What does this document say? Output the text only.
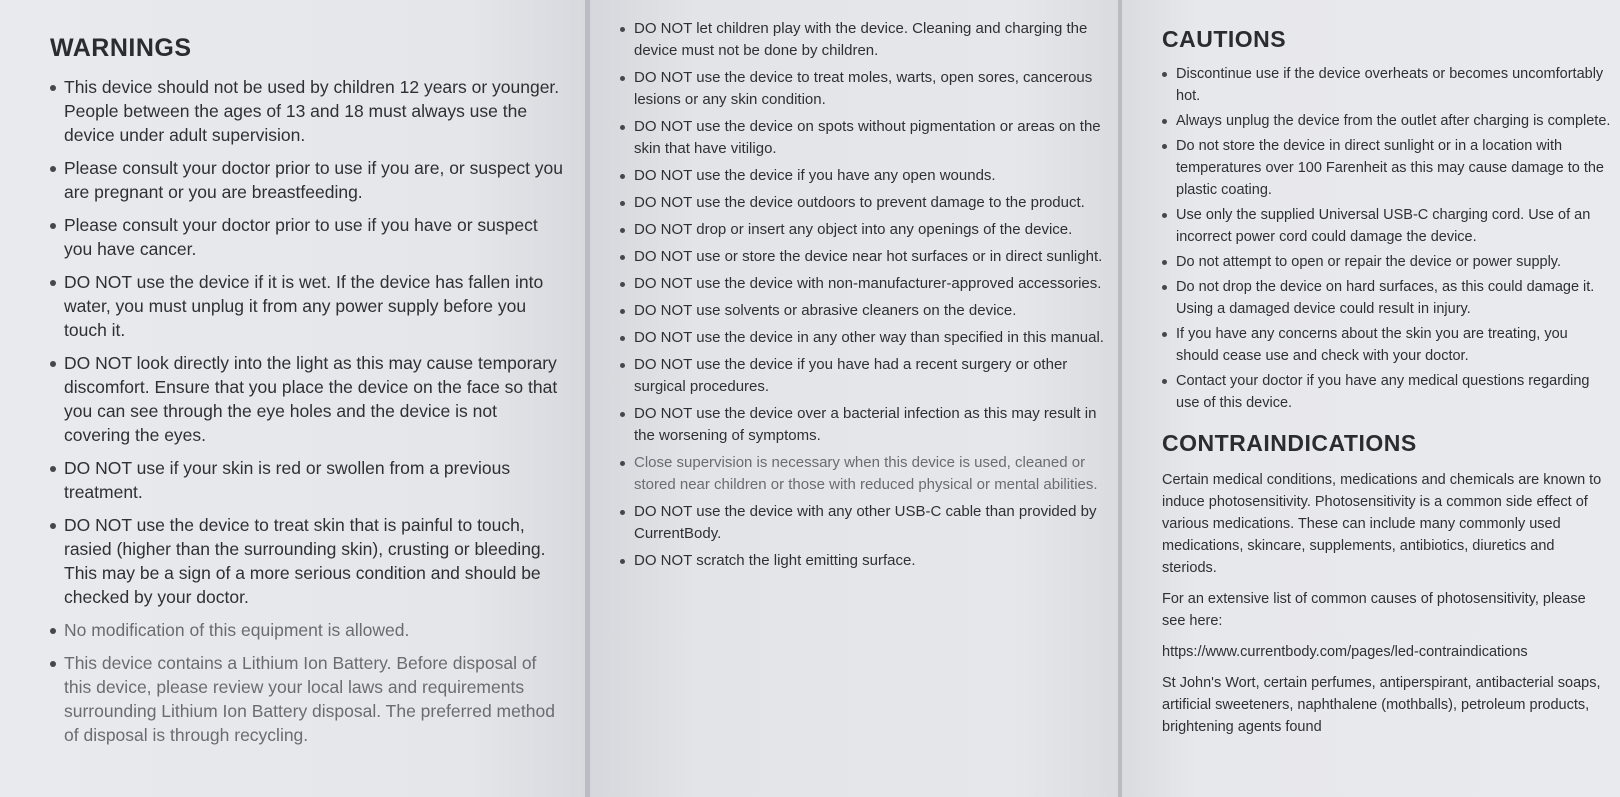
WARNINGS
This device should not be used by children 12 years or younger. People between the ages of 13 and 18 must always use the device under adult supervision.
Please consult your doctor prior to use if you are, or suspect you are pregnant or you are breastfeeding.
Please consult your doctor prior to use if you have or suspect you have cancer.
DO NOT use the device if it is wet. If the device has fallen into water, you must unplug it from any power supply before you touch it.
DO NOT look directly into the light as this may cause temporary discomfort. Ensure that you place the device on the face so that you can see through the eye holes and the device is not covering the eyes.
DO NOT use if your skin is red or swollen from a previous treatment.
DO NOT use the device to treat skin that is painful to touch, rasied (higher than the surrounding skin), crusting or bleeding. This may be a sign of a more serious condition and should be checked by your doctor.
No modification of this equipment is allowed.
This device contains a Lithium Ion Battery. Before disposal of this device, please review your local laws and requirements surrounding Lithium Ion Battery disposal. The preferred method of disposal is through recycling.
DO NOT let children play with the device. Cleaning and charging the device must not be done by children.
DO NOT use the device to treat moles, warts, open sores, cancerous lesions or any skin condition.
DO NOT use the device on spots without pigmentation or areas on the skin that have vitiligo.
DO NOT use the device if you have any open wounds.
DO NOT use the device outdoors to prevent damage to the product.
DO NOT drop or insert any object into any openings of the device.
DO NOT use or store the device near hot surfaces or in direct sunlight.
DO NOT use the device with non-manufacturer-approved accessories.
DO NOT use solvents or abrasive cleaners on the device.
DO NOT use the device in any other way than specified in this manual.
DO NOT use the device if you have had a recent surgery or other surgical procedures.
DO NOT use the device over a bacterial infection as this may result in the worsening of symptoms.
Close supervision is necessary when this device is used, cleaned or stored near children or those with reduced physical or mental abilities.
DO NOT use the device with any other USB-C cable than provided by CurrentBody.
DO NOT scratch the light emitting surface.
CAUTIONS
Discontinue use if the device overheats or becomes uncomfortably hot.
Always unplug the device from the outlet after charging is complete.
Do not store the device in direct sunlight or in a location with temperatures over 100 Farenheit as this may cause damage to the plastic coating.
Use only the supplied Universal USB-C charging cord. Use of an incorrect power cord could damage the device.
Do not attempt to open or repair the device or power supply.
Do not drop the device on hard surfaces, as this could damage it. Using a damaged device could result in injury.
If you have any concerns about the skin you are treating, you should cease use and check with your doctor.
Contact your doctor if you have any medical questions regarding use of this device.
CONTRAINDICATIONS

Certain medical conditions, medications and chemicals are known to induce photosensitivity. Photosensitivity is a common side effect of various medications. These can include many commonly used medications, skincare, supplements, antibiotics, diuretics and steriods.

For an extensive list of common causes of photosensitivity, please see here:

https://www.currentbody.com/pages/led-contraindications

St John's Wort, certain perfumes, antiperspirant, antibacterial soaps, artificial sweeteners, naphthalene (mothballs), petroleum products, brightening agents found
